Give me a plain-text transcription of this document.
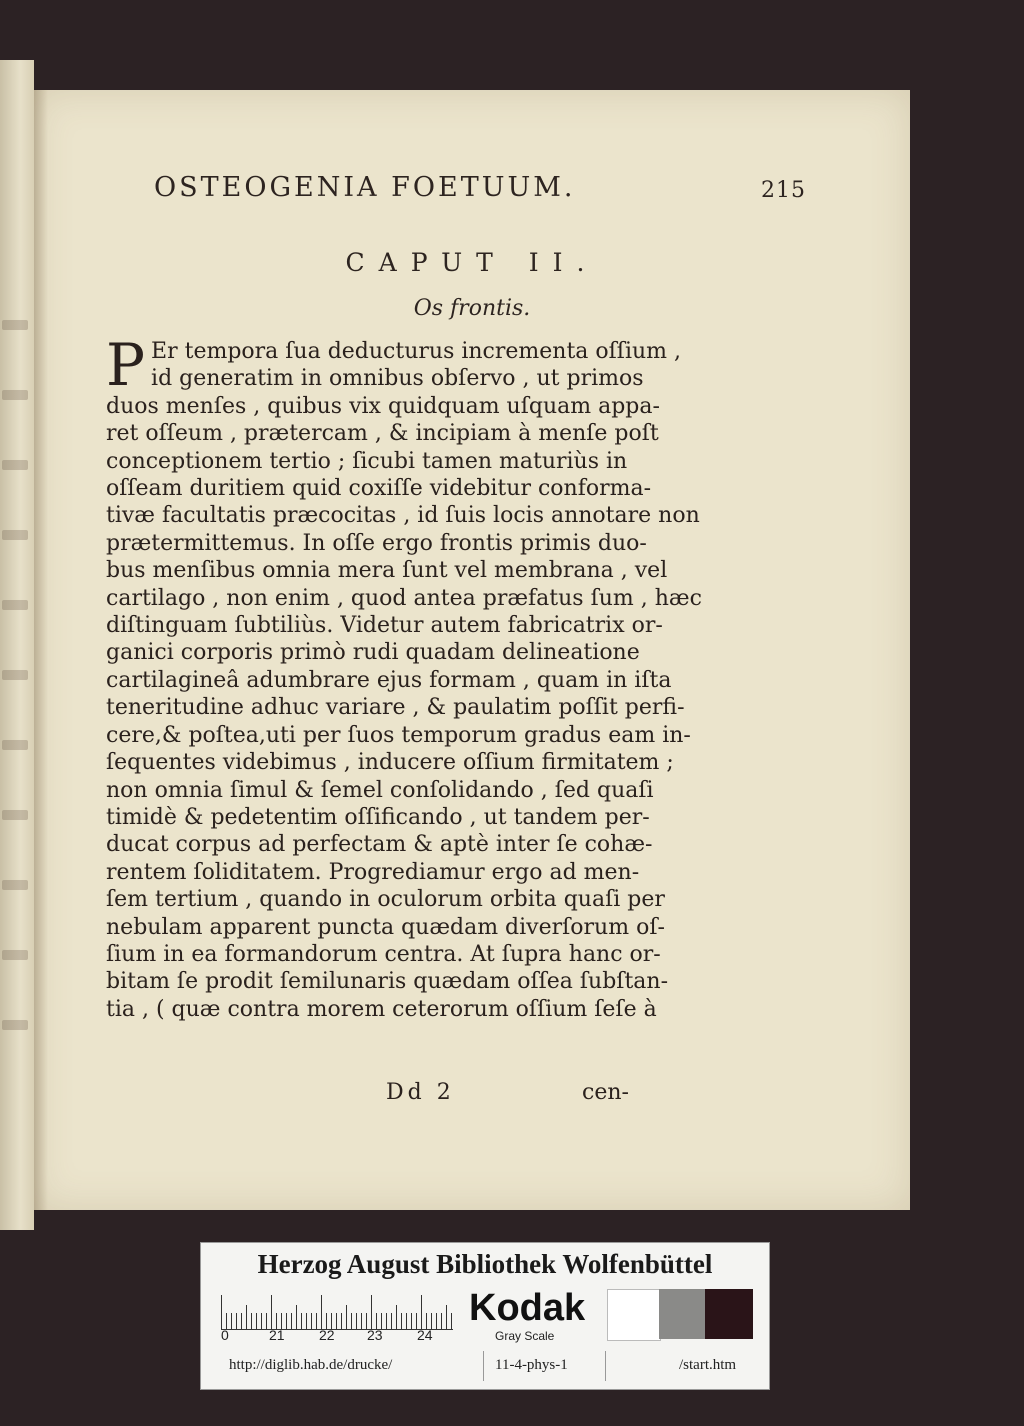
OSTEOGENIA FOETUUM.	215
CAPUT II.
Os frontis.
P Er tempora ſua deducturus incrementa oſſium ,
id generatim in omnibus obſervo , ut primos
duos menſes , quibus vix quidquam uſquam appa-
ret oſſeum , prætercam , & incipiam à menſe poſt
conceptionem tertio ; ſicubi tamen maturiùs in
oſſeam duritiem quid coxiſſe videbitur conforma-
tivæ facultatis præcocitas , id ſuis locis annotare non
prætermittemus. In oſſe ergo frontis primis duo-
bus menſibus omnia mera ſunt vel membrana , vel
cartilago , non enim , quod antea præfatus ſum , hæc
diſtinguam ſubtiliùs. Videtur autem fabricatrix or-
ganici corporis primò rudi quadam delineatione
cartilagineâ adumbrare ejus formam , quam in iſta
teneritudine adhuc variare , & paulatim poſſit perfi-
cere,& poſtea,uti per ſuos temporum gradus eam in-
ſequentes videbimus , inducere oſſium firmitatem ;
non omnia ſimul & ſemel conſolidando , ſed quaſi
timidè & pedetentim oſſificando , ut tandem per-
ducat corpus ad perfectam & aptè inter ſe cohæ-
rentem ſoliditatem. Progrediamur ergo ad men-
ſem tertium , quando in oculorum orbita quaſi per
nebulam apparent puncta quædam diverſorum oſ-
ſium in ea formandorum centra. At ſupra hanc or-
bitam ſe prodit ſemilunaris quædam oſſea ſubſtan-
tia , ( quæ contra morem ceterorum oſſium ſeſe à
Dd 2	cen-
Herzog August Bibliothek Wolfenbüttel
0	21 22 23 24
Kodak
Gray Scale
http://diglib.hab.de/drucke/	11-4-phys-1	/start.htm
